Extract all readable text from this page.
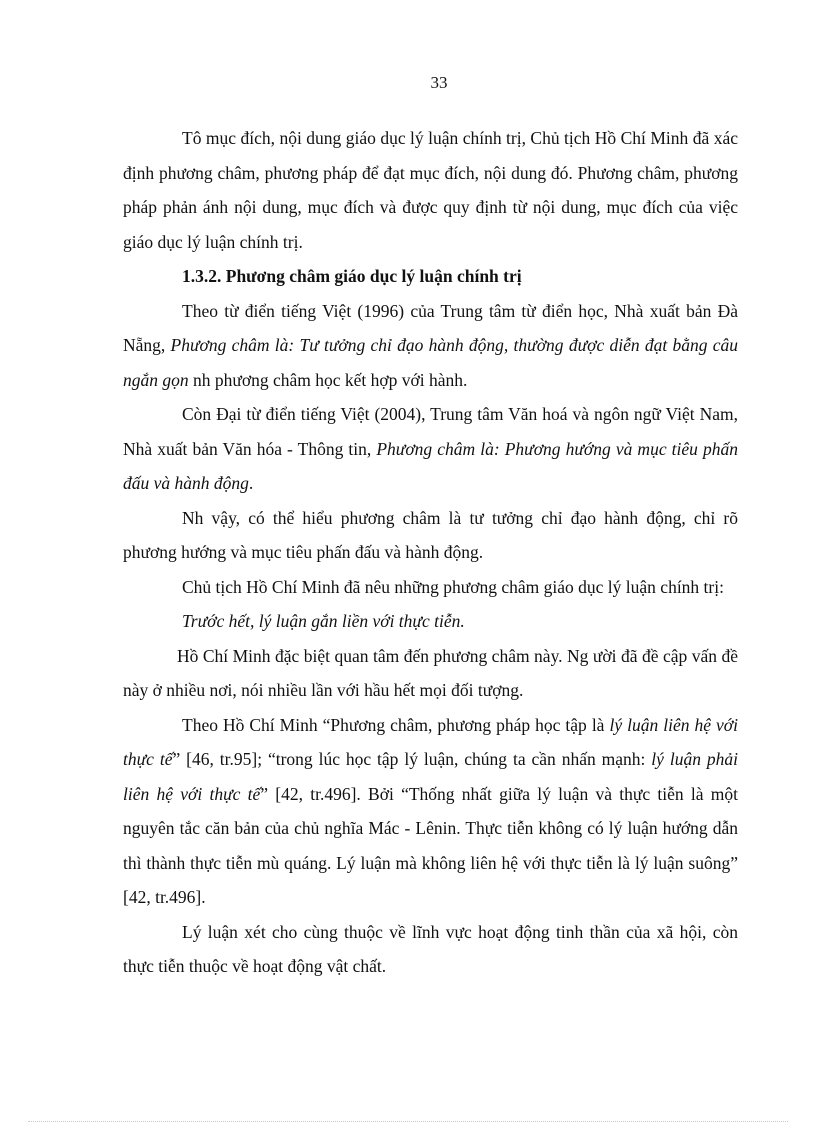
33

Tô mục đích, nội dung giáo dục lý luận chính trị, Chủ tịch Hồ Chí Minh đã xác định phương châm, phương pháp để đạt mục đích, nội dung đó. Phương châm, phương pháp phản ánh nội dung, mục đích và được quy định từ nội dung, mục đích của việc giáo dục lý luận chính trị.

1.3.2. Phương châm giáo dục lý luận chính trị

Theo từ điển tiếng Việt (1996) của Trung tâm từ điển học, Nhà xuất bản Đà Nẵng, Phương châm là: Tư tưởng chỉ đạo hành động, thường được diễn đạt bằng câu ngắn gọn nh phương châm học kết hợp với hành.

Còn Đại từ điển tiếng Việt (2004), Trung tâm Văn hoá và ngôn ngữ Việt Nam, Nhà xuất bản Văn hóa - Thông tin, Phương châm là: Phương hướng và mục tiêu phấn đấu và hành động.

Nh vậy, có thể hiểu phương châm là tư tưởng chỉ đạo hành động, chỉ rõ phương hướng và mục tiêu phấn đấu và hành động.

Chủ tịch Hồ Chí Minh đã nêu những phương châm giáo dục lý luận chính trị:

Trước hết, lý luận gắn liền với thực tiễn.

Hồ Chí Minh đặc biệt quan tâm đến phương châm này. Ng ười đã đề cập vấn đề này ở nhiều nơi, nói nhiều lần với hầu hết mọi đối tượng.

Theo Hồ Chí Minh “Phương châm, phương pháp học tập là lý luận liên hệ với thực tế” [46, tr.95]; “trong lúc học tập lý luận, chúng ta cần nhấn mạnh: lý luận phải liên hệ với thực tế” [42, tr.496]. Bởi “Thống nhất giữa lý luận và thực tiễn là một nguyên tắc căn bản của chủ nghĩa Mác - Lênin. Thực tiễn không có lý luận hướng dẫn thì thành thực tiễn mù quáng. Lý luận mà không liên hệ với thực tiễn là lý luận suông” [42, tr.496].

Lý luận xét cho cùng thuộc về lĩnh vực hoạt động tinh thần của xã hội, còn thực tiễn thuộc về hoạt động vật chất.
